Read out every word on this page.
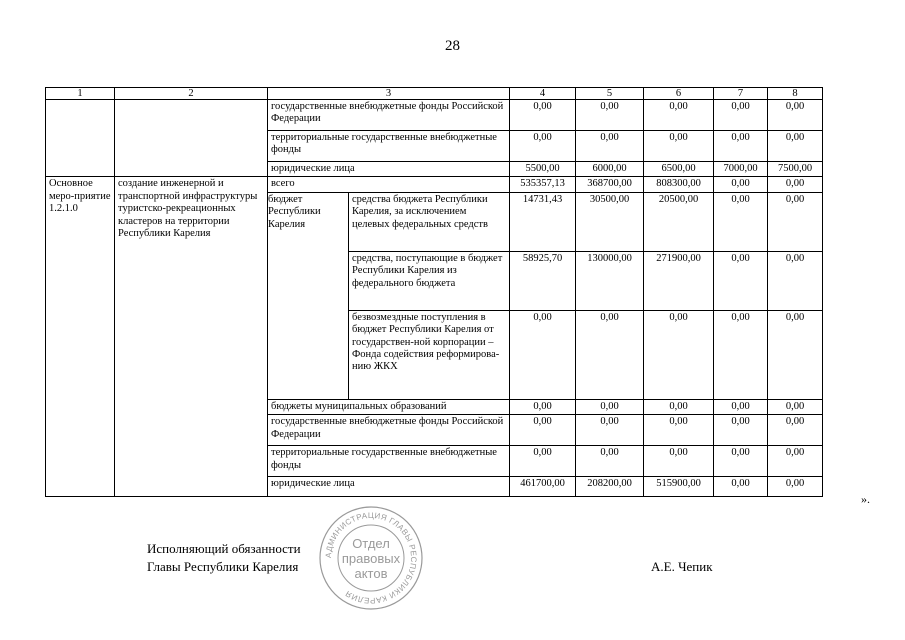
28
1	2	3		4	5	6	7	8
		государственные внебюджетные фонды Российской Федерации		0,00	0,00	0,00	0,00	0,00
		территориальные государственные внебюджетные фонды		0,00	0,00	0,00	0,00	0,00
		юридические лица		5500,00	6000,00	6500,00	7000,00	7500,00
Основное меро-приятие 1.2.1.0	создание инженерной и транспортной инфраструктуры туристско-рекреационных кластеров на территории Республики Карелия	всего		535357,13	368700,00	808300,00	0,00	0,00
		бюджет Республики Карелия	средства бюджета Республики Карелия, за исключением целевых федеральных средств	14731,43	30500,00	20500,00	0,00	0,00
			средства, поступающие в бюджет Республики Карелия из федерального бюджета	58925,70	130000,00	271900,00	0,00	0,00
			безвозмездные поступления в бюджет Республики Карелия от государствен-ной корпорации – Фонда содействия реформирова-нию ЖКХ	0,00	0,00	0,00	0,00	0,00
		бюджеты муниципальных образований		0,00	0,00	0,00	0,00	0,00
		государственные внебюджетные фонды Российской Федерации		0,00	0,00	0,00	0,00	0,00
		территориальные государственные внебюджетные фонды		0,00	0,00	0,00	0,00	0,00
		юридические лица		461700,00	208200,00	515900,00	0,00	0,00
».
Исполняющий обязанности
Главы Республики Карелия	А.Е. Чепик
АДМИНИСТРАЦИЯ ГЛАВЫ РЕСПУБЛИКИ КАРЕЛИЯ
Отдел
правовых
актов
